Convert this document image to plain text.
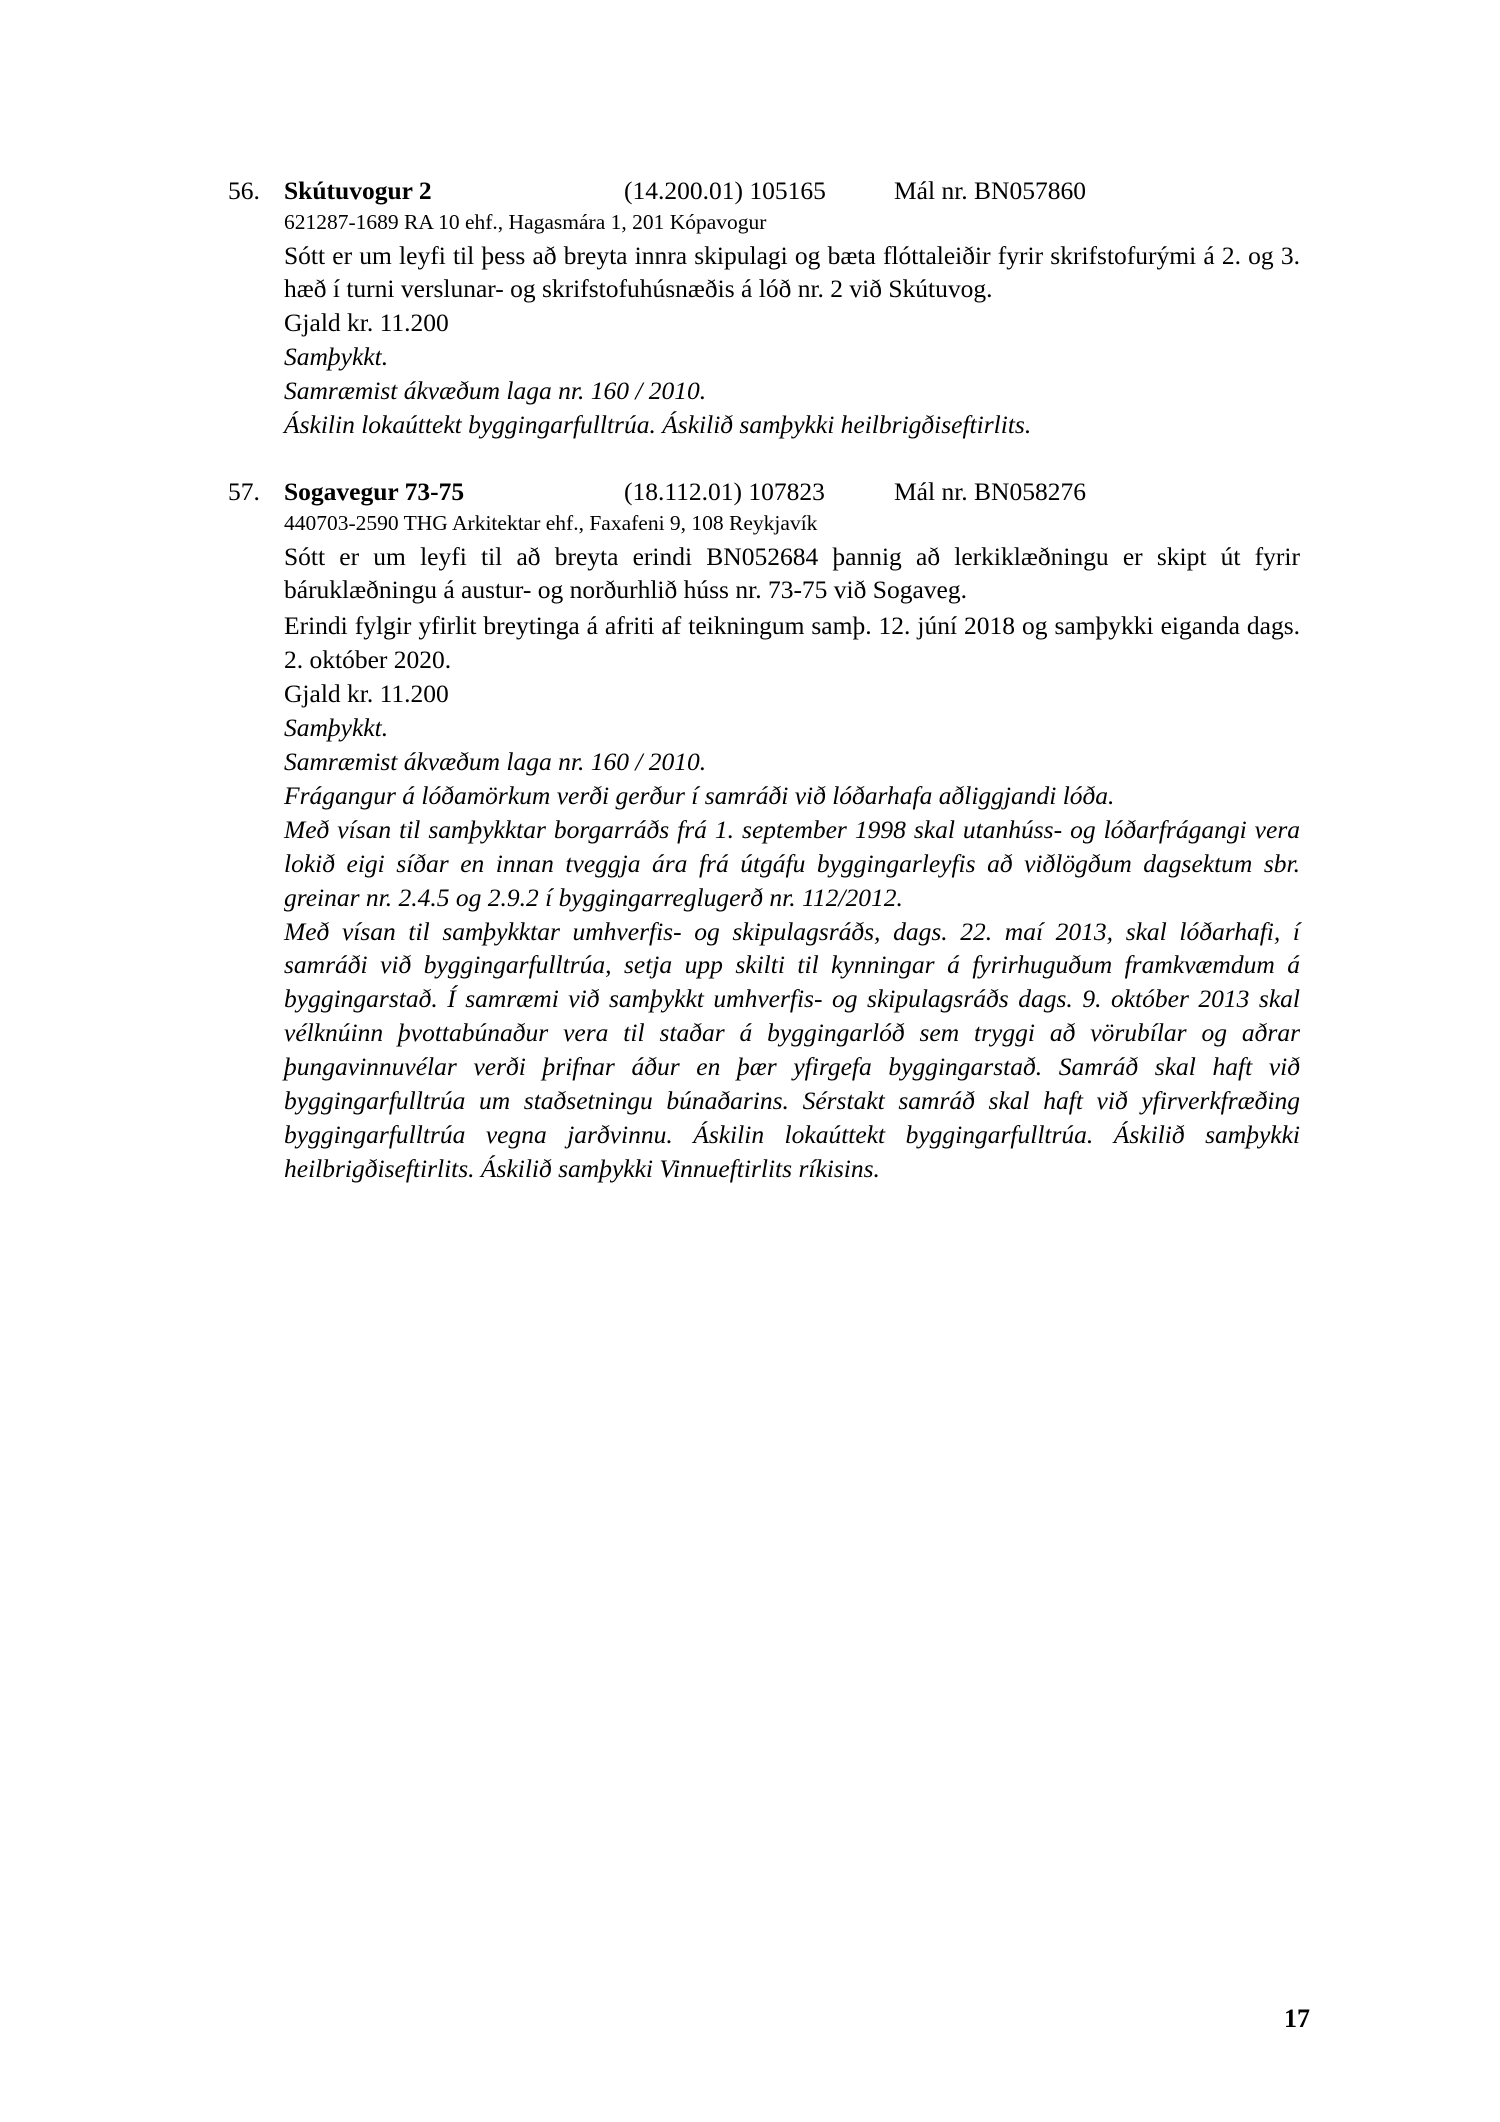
56. Skútuvogur 2	(14.200.01) 105165	Mál nr. BN057860
621287-1689 RA 10 ehf., Hagasmára 1, 201 Kópavogur
Sótt er um leyfi til þess að breyta innra skipulagi og bæta flóttaleiðir fyrir skrifstofurými á 2. og 3. hæð í turni verslunar- og skrifstofuhúsnæðis á lóð nr. 2 við Skútuvog.
Gjald kr. 11.200
Samþykkt.
Samræmist ákvæðum laga nr. 160 / 2010.
Áskilin lokaúttekt byggingarfulltrúa. Áskilið samþykki heilbrigðiseftirlits.
57. Sogavegur 73-75	(18.112.01) 107823	Mál nr. BN058276
440703-2590 THG Arkitektar ehf., Faxafeni 9, 108 Reykjavík
Sótt er um leyfi til að breyta erindi BN052684 þannig að lerkiklæðningu er skipt út fyrir báruklæðningu á austur- og norðurhlið húss nr. 73-75 við Sogaveg.
Erindi fylgir yfirlit breytinga á afriti af teikningum samþ. 12. júní 2018 og samþykki eiganda dags. 2. október 2020.
Gjald kr. 11.200
Samþykkt.
Samræmist ákvæðum laga nr. 160 / 2010.
Frágangur á lóðamörkum verði gerður í samráði við lóðarhafa aðliggjandi lóða.
Með vísan til samþykktar borgarráðs frá 1. september 1998 skal utanhúss- og lóðarfrágangi vera lokið eigi síðar en innan tveggja ára frá útgáfu byggingarleyfis að viðlögðum dagsektum sbr. greinar nr. 2.4.5 og 2.9.2 í byggingarreglugerð nr. 112/2012.
Með vísan til samþykktar umhverfis- og skipulagsráðs, dags. 22. maí 2013, skal lóðarhafi, í samráði við byggingarfulltrúa, setja upp skilti til kynningar á fyrirhuguðum framkvæmdum á byggingarstað. Í samræmi við samþykkt umhverfis- og skipulagsráðs dags. 9. október 2013 skal vélknúinn þvottabúnaður vera til staðar á byggingarlóð sem tryggi að vörubílar og aðrar þungavinnuvélar verði þrifnar áður en þær yfirgefa byggingarstað. Samráð skal haft við byggingarfulltrúa um staðsetningu búnaðarins. Sérstakt samráð skal haft við yfirverkfræðing byggingarfulltrúa vegna jarðvinnu. Áskilin lokaúttekt byggingarfulltrúa. Áskilið samþykki heilbrigðiseftirlits. Áskilið samþykki Vinnueftirlits ríkisins.
17
